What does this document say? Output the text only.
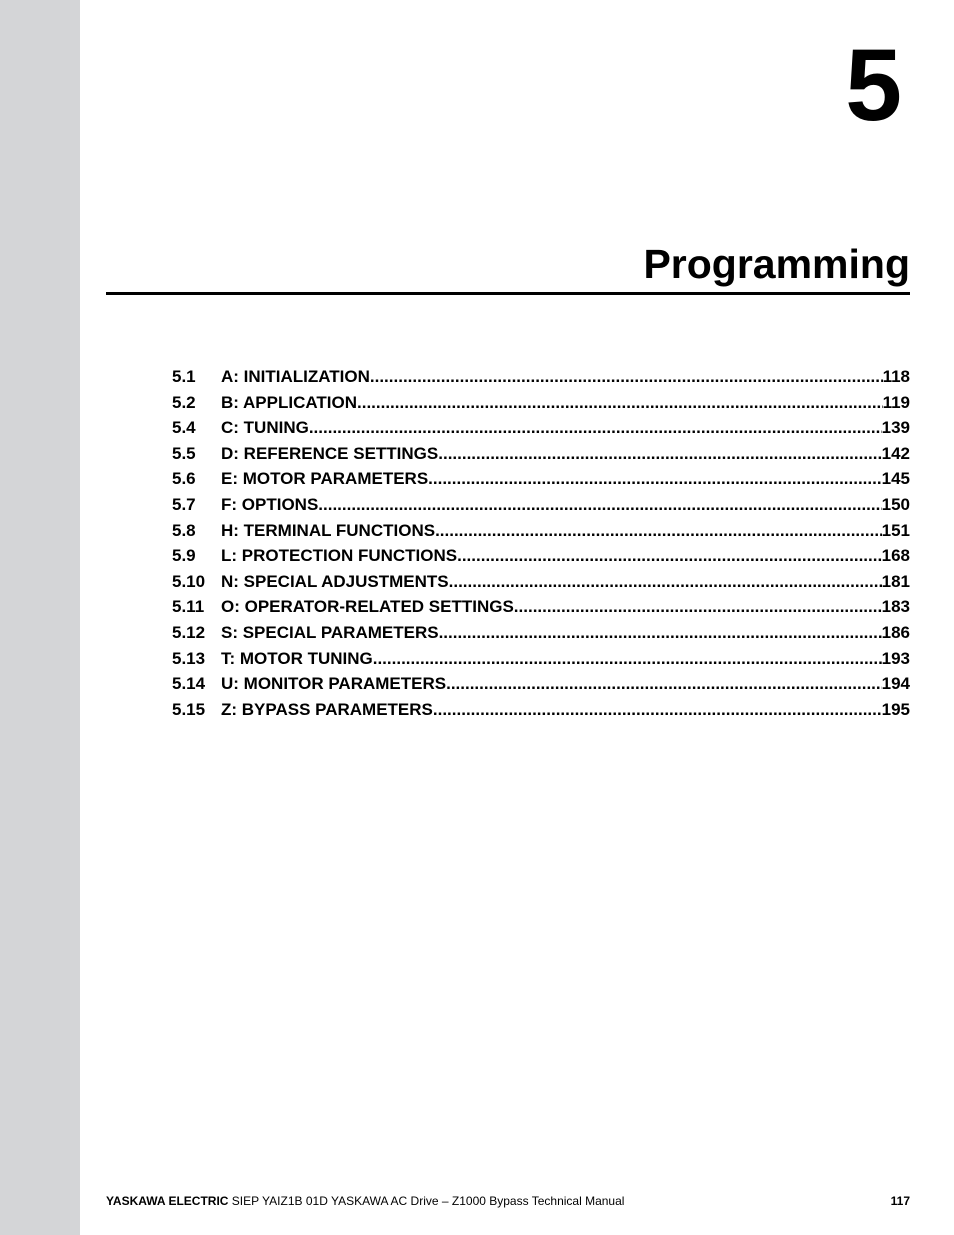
5
Programming
5.1	A: INITIALIZATION .....	118
5.2	B: APPLICATION .....	119
5.4	C: TUNING .....	139
5.5	D: REFERENCE SETTINGS .....	142
5.6	E: MOTOR PARAMETERS .....	145
5.7	F: OPTIONS .....	150
5.8	H: TERMINAL FUNCTIONS .....	151
5.9	L: PROTECTION FUNCTIONS .....	168
5.10 N: SPECIAL ADJUSTMENTS .....	181
5.11 O: OPERATOR-RELATED SETTINGS .....	183
5.12 S: SPECIAL PARAMETERS .....	186
5.13 T: MOTOR TUNING .....	193
5.14 U: MONITOR PARAMETERS .....	194
5.15 Z: BYPASS PARAMETERS .....	195
YASKAWA ELECTRIC SIEP YAIZ1B 01D YASKAWA AC Drive – Z1000 Bypass Technical Manual	117
